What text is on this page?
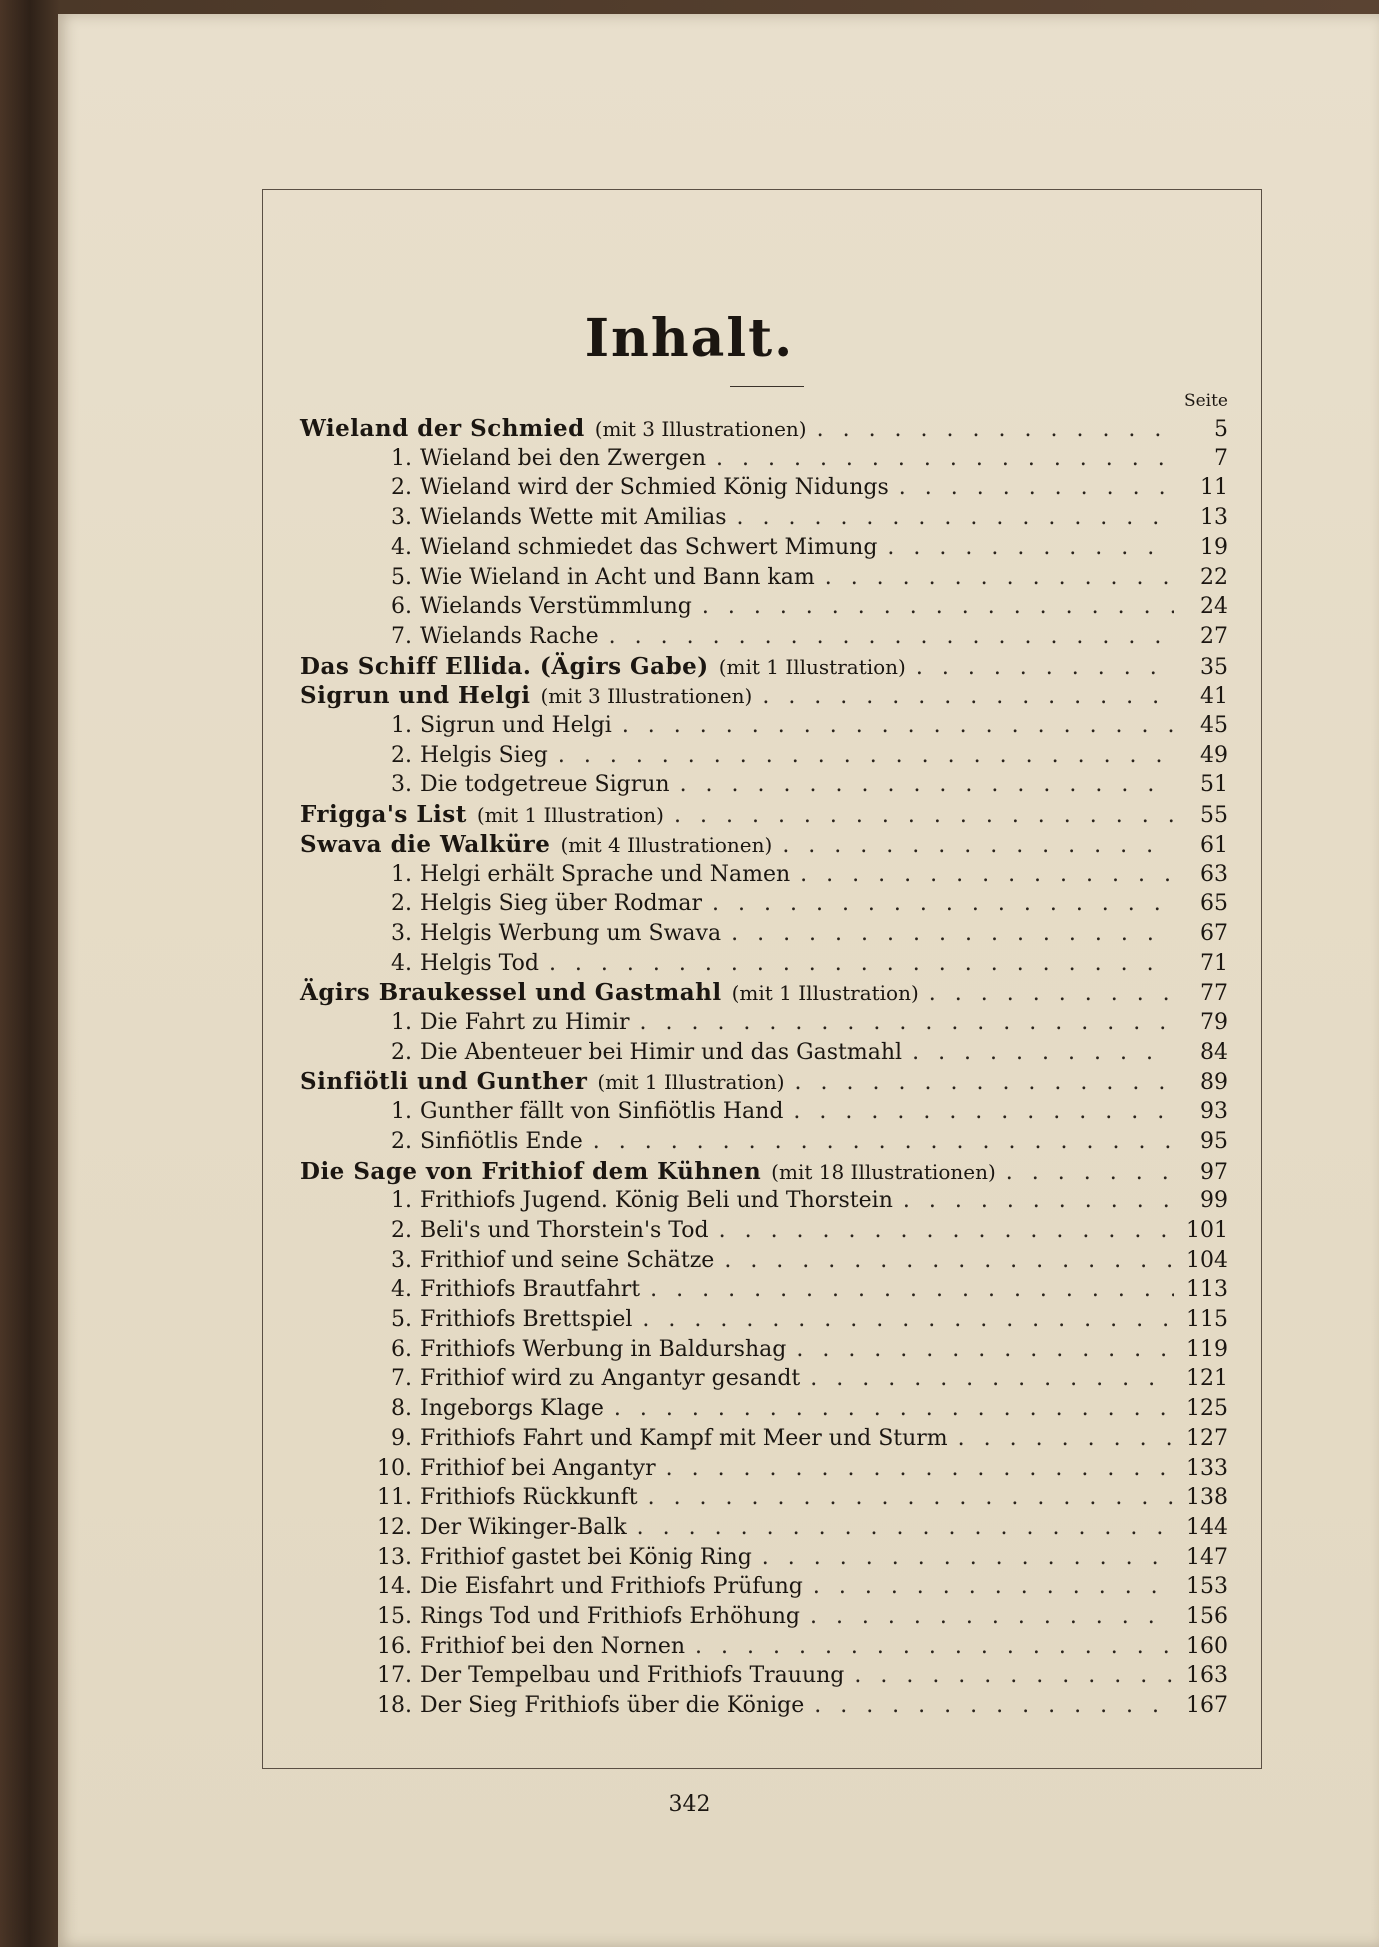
Inhalt.
Seite
Wieland der Schmied (mit 3 Illustrationen) . . .	5
1. Wieland bei den Zwergen . . .	7
2. Wieland wird der Schmied König Nidungs . . .	11
3. Wielands Wette mit Amilias . . .	13
4. Wieland schmiedet das Schwert Mimung . . .	19
5. Wie Wieland in Acht und Bann kam . . .	22
6. Wielands Verstümmlung . . .	24
7. Wielands Rache . . .	27
Das Schiff Ellida. (Ägirs Gabe) (mit 1 Illustration) . . .	35
Sigrun und Helgi (mit 3 Illustrationen) . . .	41
1. Sigrun und Helgi . . .	45
2. Helgis Sieg . . .	49
3. Die todgetreue Sigrun . . .	51
Frigga's List (mit 1 Illustration) . . .	55
Swava die Walküre (mit 4 Illustrationen) . . .	61
1. Helgi erhält Sprache und Namen . . .	63
2. Helgis Sieg über Rodmar . . .	65
3. Helgis Werbung um Swava . . .	67
4. Helgis Tod . . .	71
Ägirs Braukessel und Gastmahl (mit 1 Illustration) . . .	77
1. Die Fahrt zu Himir . . .	79
2. Die Abenteuer bei Himir und das Gastmahl . . .	84
Sinfiötli und Gunther (mit 1 Illustration) . . .	89
1. Gunther fällt von Sinfiötlis Hand . . .	93
2. Sinfiötlis Ende . . .	95
Die Sage von Frithiof dem Kühnen (mit 18 Illustrationen) . . .	97
1. Frithiofs Jugend. König Beli und Thorstein . . .	99
2. Beli's und Thorstein's Tod . . .	101
3. Frithiof und seine Schätze . . .	104
4. Frithiofs Brautfahrt . . .	113
5. Frithiofs Brettspiel . . .	115
6. Frithiofs Werbung in Baldurshag . . .	119
7. Frithiof wird zu Angantyr gesandt . . .	121
8. Ingeborgs Klage . . .	125
9. Frithiofs Fahrt und Kampf mit Meer und Sturm . . .	127
10. Frithiof bei Angantyr . . .	133
11. Frithiofs Rückkunft . . .	138
12. Der Wikinger-Balk . . .	144
13. Frithiof gastet bei König Ring . . .	147
14. Die Eisfahrt und Frithiofs Prüfung . . .	153
15. Rings Tod und Frithiofs Erhöhung . . .	156
16. Frithiof bei den Nornen . . .	160
17. Der Tempelbau und Frithiofs Trauung . . .	163
18. Der Sieg Frithiofs über die Könige . . .	167
342
